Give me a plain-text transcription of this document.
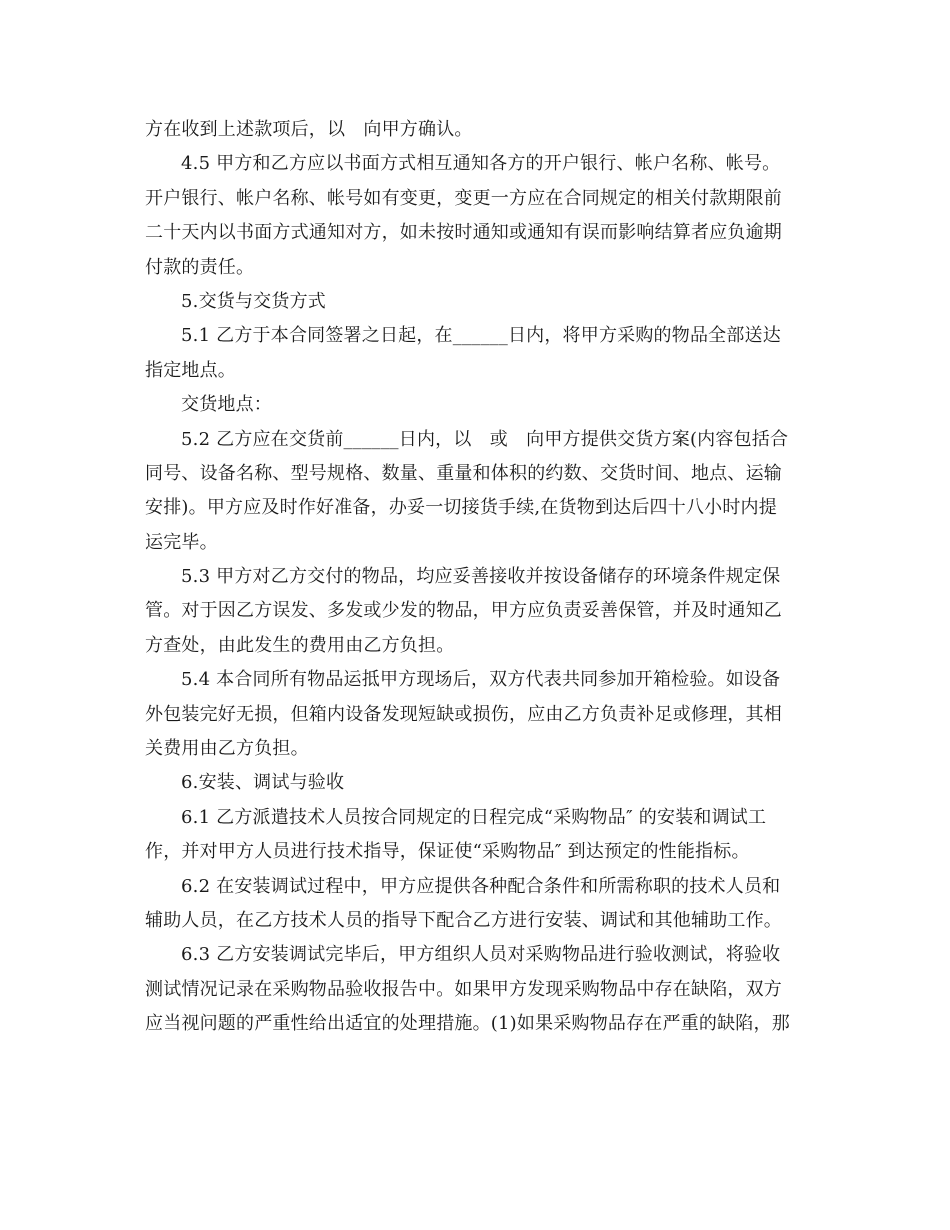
方在收到上述款项后，以　向甲方确认。
4.5 甲方和乙方应以书面方式相互通知各方的开户银行、帐户名称、帐号。
开户银行、帐户名称、帐号如有变更，变更一方应在合同规定的相关付款期限前
二十天内以书面方式通知对方，如未按时通知或通知有误而影响结算者应负逾期
付款的责任。
5.交货与交货方式
5.1 乙方于本合同签署之日起，在______日内，将甲方采购的物品全部送达
指定地点。
交货地点：
5.2 乙方应在交货前______日内，以　或　向甲方提供交货方案(内容包括合
同号、设备名称、型号规格、数量、重量和体积的约数、交货时间、地点、运输
安排)。甲方应及时作好准备，办妥一切接货手续,在货物到达后四十八小时内提
运完毕。
5.3 甲方对乙方交付的物品，均应妥善接收并按设备储存的环境条件规定保
管。对于因乙方误发、多发或少发的物品，甲方应负责妥善保管，并及时通知乙
方查处，由此发生的费用由乙方负担。
5.4 本合同所有物品运抵甲方现场后，双方代表共同参加开箱检验。如设备
外包装完好无损，但箱内设备发现短缺或损伤，应由乙方负责补足或修理，其相
关费用由乙方负担。
6.安装、调试与验收
6.1 乙方派遣技术人员按合同规定的日程完成“采购物品″ 的安装和调试工
作，并对甲方人员进行技术指导，保证使“采购物品″ 到达预定的性能指标。
6.2 在安装调试过程中，甲方应提供各种配合条件和所需称职的技术人员和
辅助人员，在乙方技术人员的指导下配合乙方进行安装、调试和其他辅助工作。
6.3 乙方安装调试完毕后，甲方组织人员对采购物品进行验收测试，将验收
测试情况记录在采购物品验收报告中。如果甲方发现采购物品中存在缺陷，双方
应当视问题的严重性给出适宜的处理措施。(1)如果采购物品存在严重的缺陷，那
